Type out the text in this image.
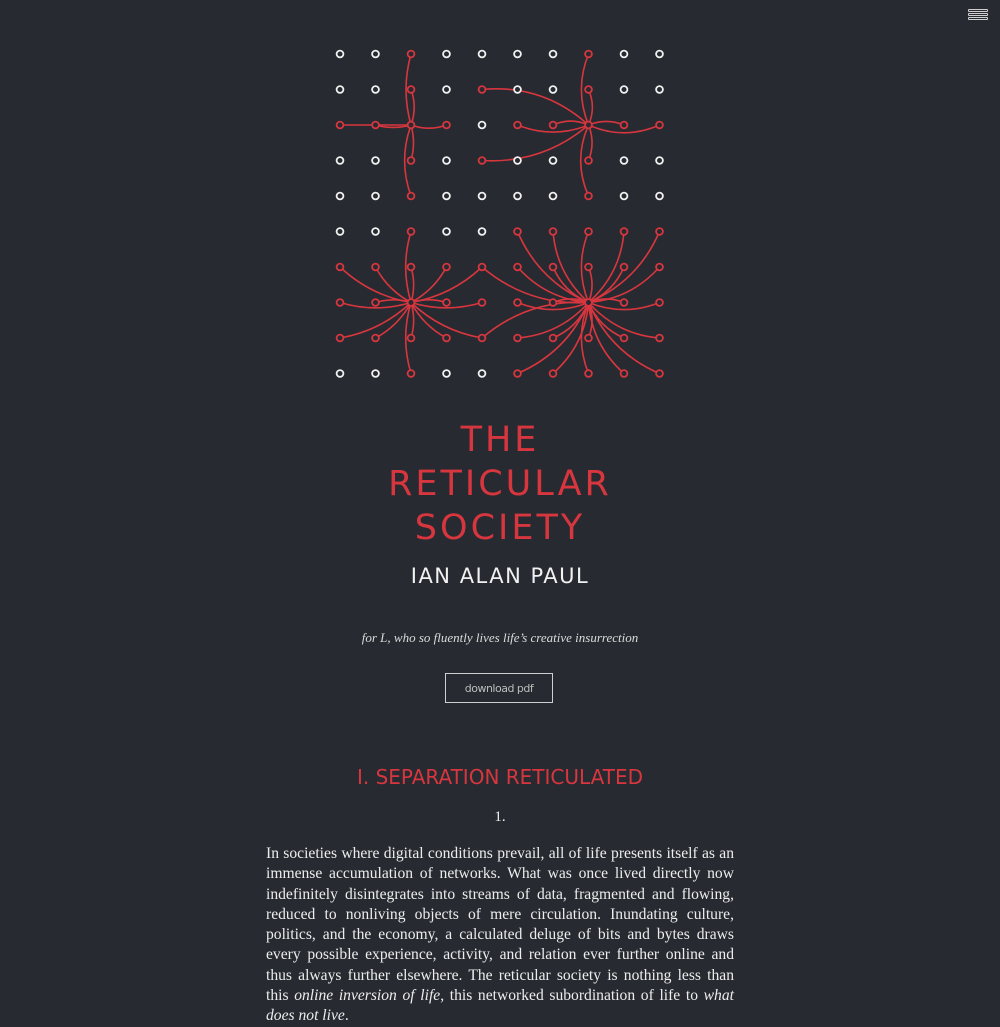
THE
RETICULAR
SOCIETY
IAN ALAN PAUL
for L, who so fluently lives life’s creative insurrection
download pdf
I. SEPARATION RETICULATED
1.

In societies where digital conditions prevail, all of life presents itself as an immense accumulation of networks. What was once lived directly now indefinitely disintegrates into streams of data, fragmented and flowing, reduced to nonliving objects of mere circulation. Inundating culture, politics, and the economy, a calculated deluge of bits and bytes draws every possible experience, activity, and relation ever further online and thus always further elsewhere. The reticular society is nothing less than this online inversion of life, this networked subordination of life to what does not live.
